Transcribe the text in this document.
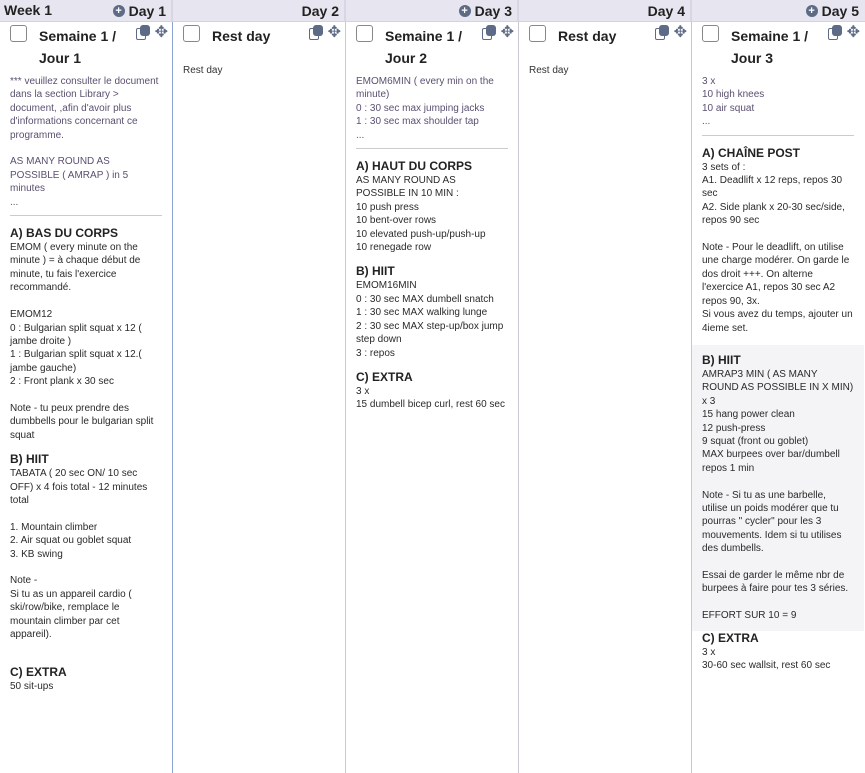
Week 1	+ Day 1	Day 2	+ Day 3	Day 4	+ Day 5
Semaine 1 / Jour 1
✥
*** veuillez consulter le document dans la section Library > document, ,afin d'avoir plus d'informations concernant ce programme.

AS MANY ROUND AS POSSIBLE ( AMRAP ) in 5 minutes
...
A) BAS DU CORPS
EMOM ( every minute on the minute ) = à chaque début de minute, tu fais l'exercice recommandé.

EMOM12
0 : Bulgarian split squat x 12 ( jambe droite )
1 : Bulgarian split squat x 12.( jambe gauche)
2 : Front plank x 30 sec

Note - tu peux prendre des dumbbells pour le bulgarian split squat
B) HIIT
TABATA ( 20 sec ON/ 10 sec OFF) x 4 fois total - 12 minutes total

1. Mountain climber
2. Air squat ou goblet squat
3. KB swing

Note -
Si tu as un appareil cardio ( ski/row/bike, remplace le mountain climber par cet appareil).

C) EXTRA
50 sit-ups
Rest day	✥
Rest day
Semaine 1 / Jour 2
✥
EMOM6MIN ( every min on the minute)
0 : 30 sec max jumping jacks
1 : 30 sec max shoulder tap
...
A) HAUT DU CORPS
AS MANY ROUND AS POSSIBLE IN 10 MIN :
10 push press
10 bent-over rows
10 elevated push-up/push-up
10 renegade row
B) HIIT
EMOM16MIN
0 : 30 sec MAX dumbell snatch
1 : 30 sec MAX walking lunge
2 : 30 sec MAX step-up/box jump step down
3 : repos
C) EXTRA
3 x
15 dumbell bicep curl, rest 60 sec
Rest day	✥
Rest day
Semaine 1 / Jour 3
✥
3 x
10 high knees
10 air squat
...
A) CHAÎNE POST
3 sets of :
A1. Deadlift x 12 reps, repos 30 sec
A2. Side plank x 20-30 sec/side, repos 90 sec

Note - Pour le deadlift, on utilise une charge modérer. On garde le dos droit +++. On alterne l'exercice A1, repos 30 sec A2 repos 90, 3x.
Si vous avez du temps, ajouter un 4ieme set.
B) HIIT
AMRAP3 MIN ( AS MANY ROUND AS POSSIBLE IN X MIN) x 3
15 hang power clean
12 push-press
9 squat (front ou goblet)
MAX burpees over bar/dumbell
repos 1 min

Note - Si tu as une barbelle, utilise un poids modérer que tu pourras " cycler" pour les 3 mouvements. Idem si tu utilises des dumbells.

Essai de garder le même nbr de burpees à faire pour tes 3 séries.

EFFORT SUR 10 = 9
C) EXTRA
3 x
30-60 sec wallsit, rest 60 sec
